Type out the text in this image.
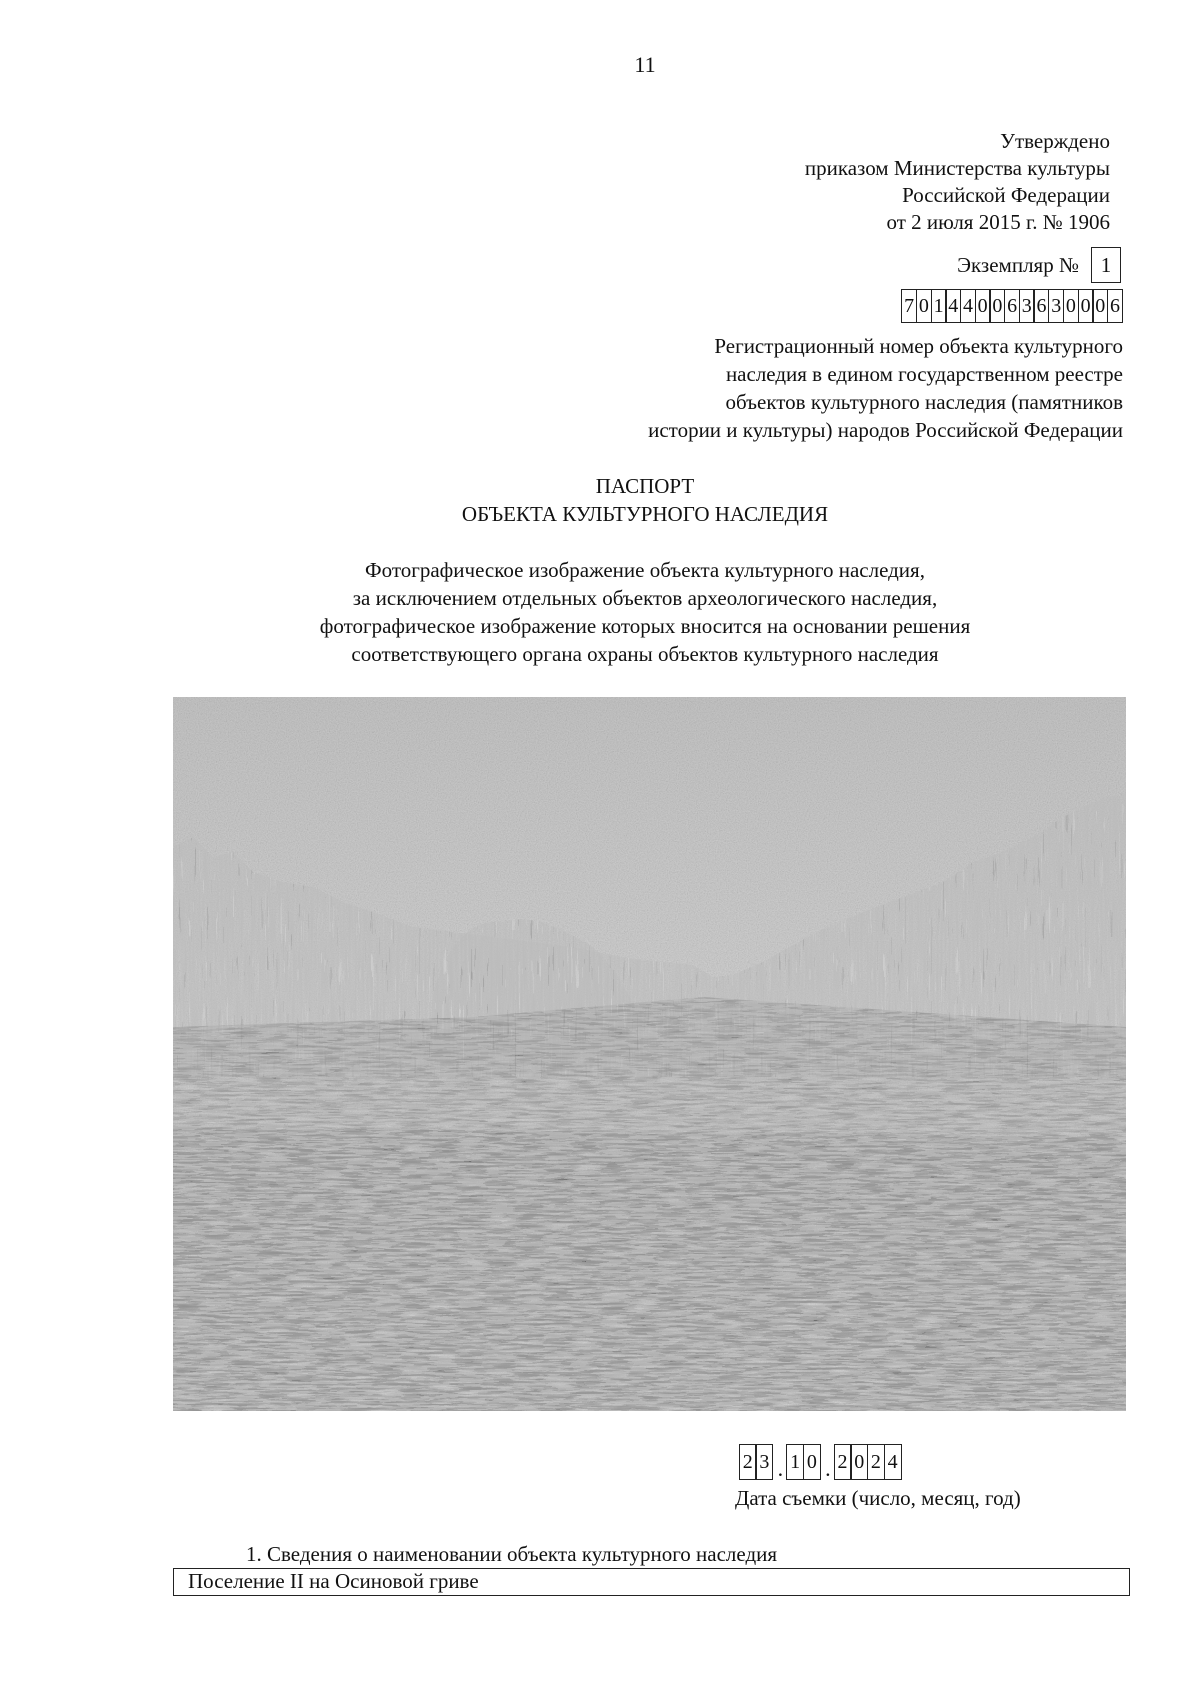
11
Утверждено
приказом Министерства культуры
Российской Федерации
от 2 июля 2015 г. № 1906
Экземпляр №	1
7 0 1 4 4 0 0 6 3 6 3 0 0 0 6
Регистрационный номер объекта культурного
наследия в едином государственном реестре
объектов культурного наследия (памятников
истории и культуры) народов Российской Федерации
ПАСПОРТ
ОБЪЕКТА КУЛЬТУРНОГО НАСЛЕДИЯ
Фотографическое изображение объекта культурного наследия,
за исключением отдельных объектов археологического наследия,
фотографическое изображение которых вносится на основании решения
соответствующего органа охраны объектов культурного наследия
2 3 . 1 0 . 2 0 2 4
Дата съемки (число, месяц, год)
1. Сведения о наименовании объекта культурного наследия
Поселение II на Осиновой гриве
